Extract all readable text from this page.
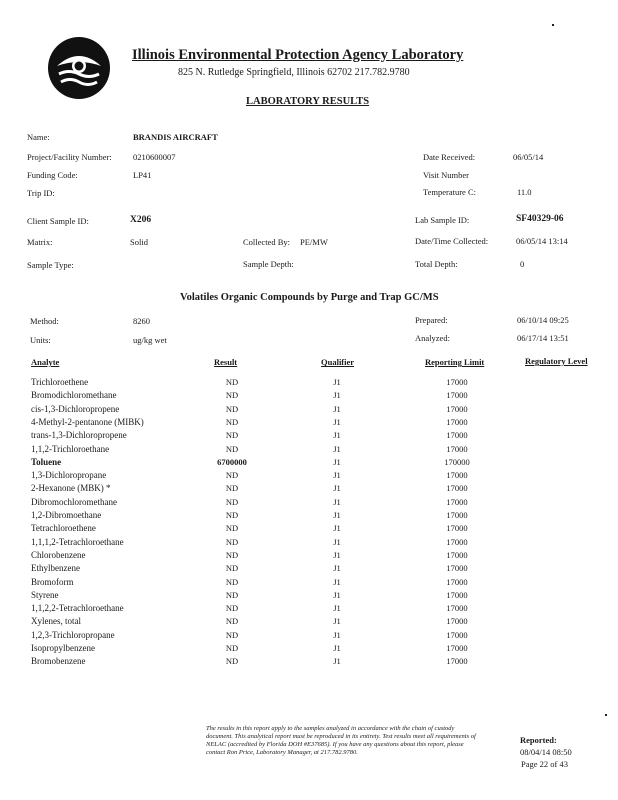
Illinois Environmental Protection Agency Laboratory
825 N. Rutledge Springfield, Illinois 62702 217.782.9780
LABORATORY RESULTS
Name:	BRANDIS AIRCRAFT
Project/Facility Number:	0210600007	Date Received:	06/05/14
Funding Code:	LP41	Visit Number
Trip ID:	Temperature C:	11.0
Client Sample ID:	X206	Lab Sample ID:	SF40329-06
Matrix:	Solid	Collected By: PE/MW	Date/Time Collected:	06/05/14 13:14
Sample Type:	Sample Depth:	Total Depth:	0
Volatiles Organic Compounds by Purge and Trap GC/MS
Method:	8260	Prepared:	06/10/14 09:25
Units:	ug/kg wet	Analyzed:	06/17/14 13:51
Analyte	Result	Qualifier	Reporting Limit	Regulatory Level
Trichloroethene	ND	J1	17000
Bromodichloromethane	ND	J1	17000
cis-1,3-Dichloropropene	ND	J1	17000
4-Methyl-2-pentanone (MIBK)	ND	J1	17000
trans-1,3-Dichloropropene	ND	J1	17000
1,1,2-Trichloroethane	ND	J1	17000
Toluene	6700000	J1	170000
1,3-Dichloropropane	ND	J1	17000
2-Hexanone (MBK) *	ND	J1	17000
Dibromochloromethane	ND	J1	17000
1,2-Dibromoethane	ND	J1	17000
Tetrachloroethene	ND	J1	17000
1,1,1,2-Tetrachloroethane	ND	J1	17000
Chlorobenzene	ND	J1	17000
Ethylbenzene	ND	J1	17000
Bromoform	ND	J1	17000
Styrene	ND	J1	17000
1,1,2,2-Tetrachloroethane	ND	J1	17000
Xylenes, total	ND	J1	17000
1,2,3-Trichloropropane	ND	J1	17000
Isopropylbenzene	ND	J1	17000
Bromobenzene	ND	J1	17000
The results in this report apply to the samples analyzed in accordance with the chain of custody document. This analytical report must be reproduced in its entirety. Test results meet all requirements of NELAC (accredited by Florida DOH #E37685). If you have any questions about this report, please contact Ron Price, Laboratory Manager, at 217.782.9780.
Reported:
08/04/14 08:50
Page 22 of 43
